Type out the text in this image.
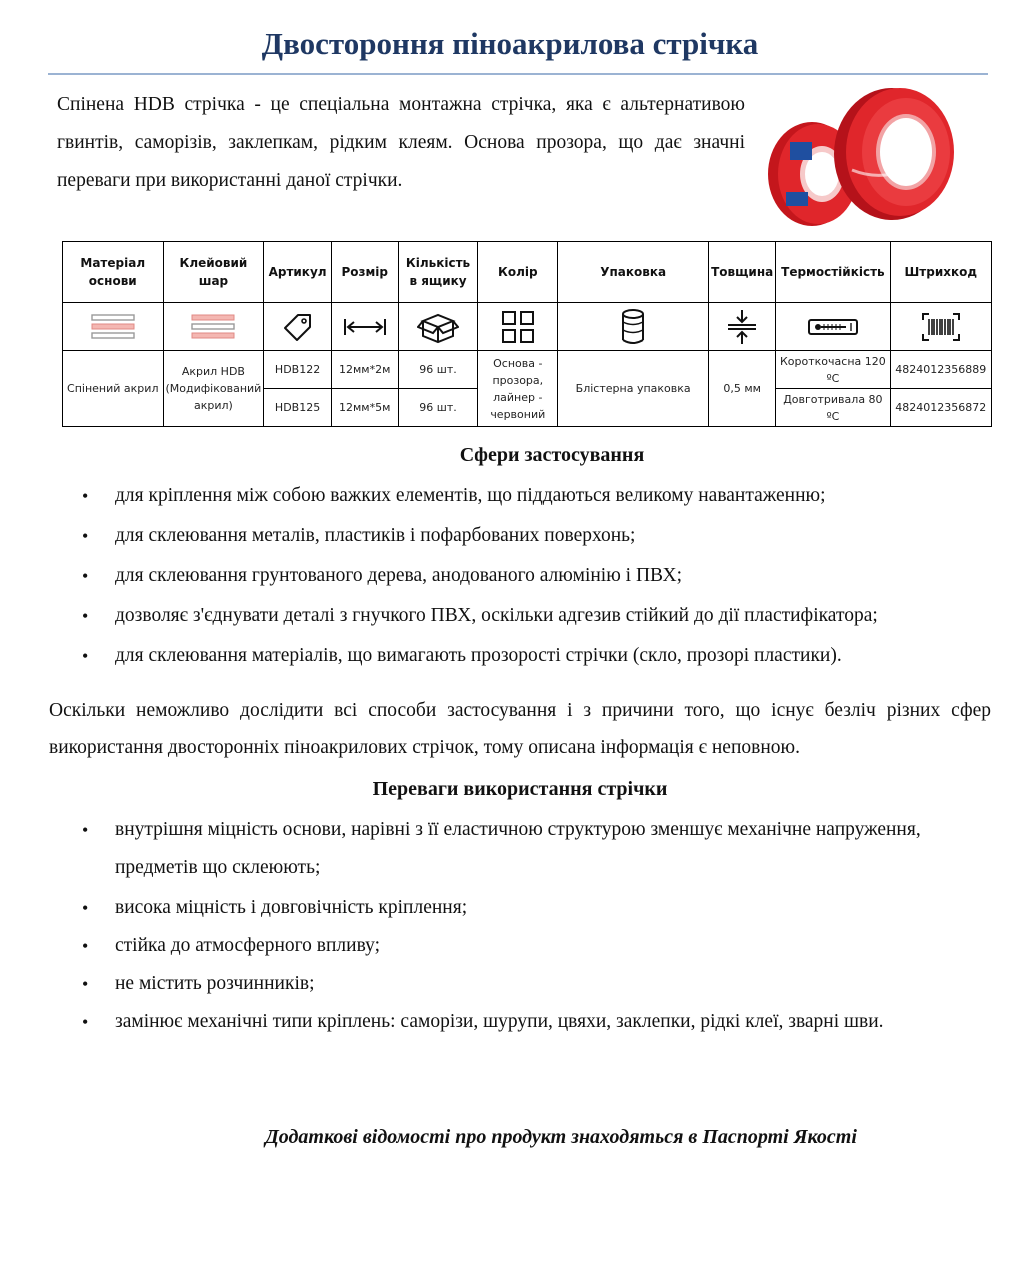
Двостороння піноакрилова стрічка
Спінена HDB стрічка - це спеціальна монтажна стрічка, яка є альтернативою гвинтів, саморізів, заклепкам, рідким клеям. Основа прозора, що дає значні переваги при використанні даної стрічки.
Матеріал основи	Клейовий шар	Артикул	Розмір	Кількість в ящику	Колір	Упаковка	Товщина	Термостійкість	Штрихкод

Спінений акрил	Акрил HDB (Модифікований акрил)	HDB122	12мм*2м	96 шт.	Основа - прозора, лайнер - червоний	Блістерна упаковка	0,5 мм	Короткочасна 120 ºС	4824012356889
		HDB125	12мм*5м	96 шт.				Довготривала 80 ºС	4824012356872
Сфери застосування
• для кріплення між собою важких елементів, що піддаються великому навантаженню;
• для склеювання металів, пластиків і пофарбованих поверхонь;
• для склеювання грунтованого дерева, анодованого алюмінію і ПВХ;
• дозволяє з'єднувати деталі з гнучкого ПВХ, оскільки адгезив стійкий до дії пластифікатора;
• для склеювання матеріалів, що вимагають прозорості стрічки (скло, прозорі пластики).
Оскільки неможливо дослідити всі способи застосування і з причини того, що існує безліч різних сфер використання двосторонніх піноакрилових стрічок, тому описана інформація є неповною.
Переваги використання стрічки
• внутрішня міцність основи, нарівні з її еластичною структурою зменшує механічне напруження, предметів що склеюють;
• висока міцність і довговічність кріплення;
• стійка до атмосферного впливу;
• не містить розчинників;
• замінює механічні типи кріплень: саморізи, шурупи, цвяхи, заклепки, рідкі клеї, зварні шви.
Додаткові відомості про продукт знаходяться в Паспорті Якості
